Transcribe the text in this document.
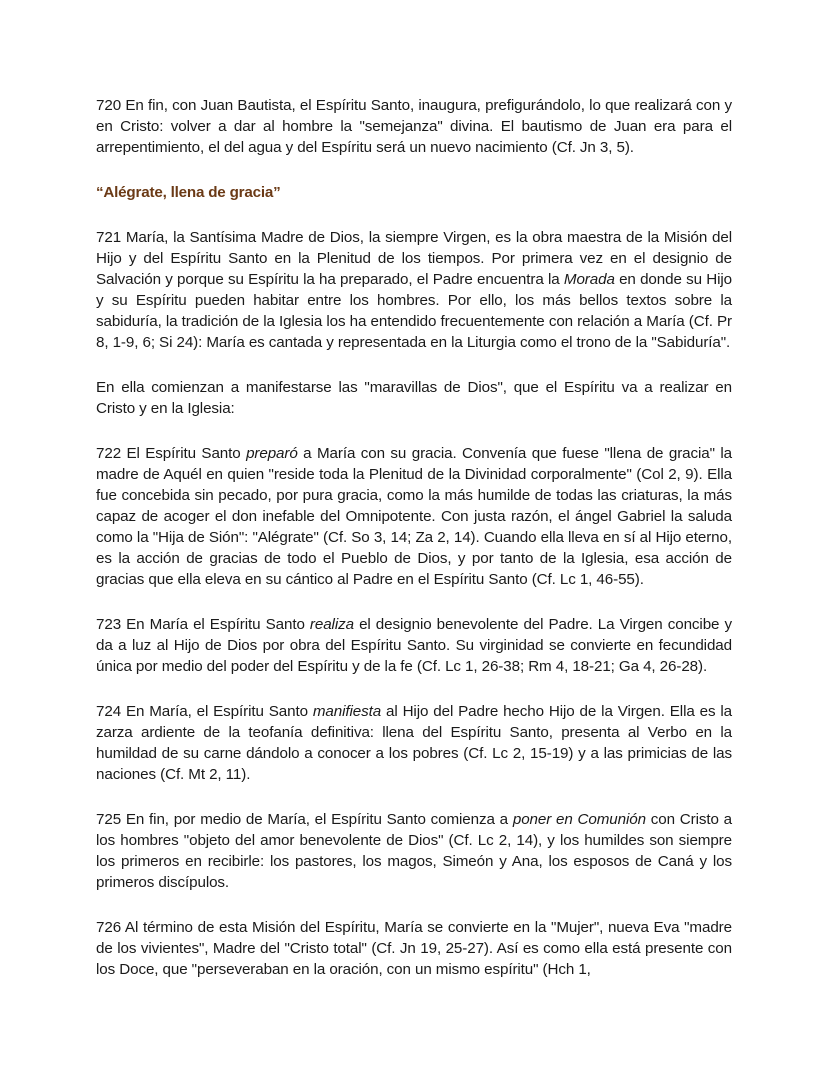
720 En fin, con Juan Bautista, el Espíritu Santo, inaugura, prefigurándolo, lo que realizará con y en Cristo: volver a dar al hombre la "semejanza" divina. El bautismo de Juan era para el arrepentimiento, el del agua y del Espíritu será un nuevo nacimiento (Cf. Jn 3, 5).

“Alégrate, llena de gracia”

721 María, la Santísima Madre de Dios, la siempre Virgen, es la obra maestra de la Misión del Hijo y del Espíritu Santo en la Plenitud de los tiempos. Por primera vez en el designio de Salvación y porque su Espíritu la ha preparado, el Padre encuentra la Morada en donde su Hijo y su Espíritu pueden habitar entre los hombres. Por ello, los más bellos textos sobre la sabiduría, la tradición de la Iglesia los ha entendido frecuentemente con relación a María (Cf. Pr 8, 1-9, 6; Si 24): María es cantada y representada en la Liturgia como el trono de la "Sabiduría".

En ella comienzan a manifestarse las "maravillas de Dios", que el Espíritu va a realizar en Cristo y en la Iglesia:

722 El Espíritu Santo preparó a María con su gracia. Convenía que fuese "llena de gracia" la madre de Aquél en quien "reside toda la Plenitud de la Divinidad corporalmente" (Col 2, 9). Ella fue concebida sin pecado, por pura gracia, como la más humilde de todas las criaturas, la más capaz de acoger el don inefable del Omnipotente. Con justa razón, el ángel Gabriel la saluda como la "Hija de Sión": "Alégrate" (Cf. So 3, 14; Za 2, 14). Cuando ella lleva en sí al Hijo eterno, es la acción de gracias de todo el Pueblo de Dios, y por tanto de la Iglesia, esa acción de gracias que ella eleva en su cántico al Padre en el Espíritu Santo (Cf. Lc 1, 46-55).

723 En María el Espíritu Santo realiza el designio benevolente del Padre. La Virgen concibe y da a luz al Hijo de Dios por obra del Espíritu Santo. Su virginidad se convierte en fecundidad única por medio del poder del Espíritu y de la fe (Cf. Lc 1, 26-38; Rm 4, 18-21; Ga 4, 26-28).

724 En María, el Espíritu Santo manifiesta al Hijo del Padre hecho Hijo de la Virgen. Ella es la zarza ardiente de la teofanía definitiva: llena del Espíritu Santo, presenta al Verbo en la humildad de su carne dándolo a conocer a los pobres (Cf. Lc 2, 15-19) y a las primicias de las naciones (Cf. Mt 2, 11).

725 En fin, por medio de María, el Espíritu Santo comienza a poner en Comunión con Cristo a los hombres "objeto del amor benevolente de Dios" (Cf. Lc 2, 14), y los humildes son siempre los primeros en recibirle: los pastores, los magos, Simeón y Ana, los esposos de Caná y los primeros discípulos.

726 Al término de esta Misión del Espíritu, María se convierte en la "Mujer", nueva Eva "madre de los vivientes", Madre del "Cristo total" (Cf. Jn 19, 25-27). Así es como ella está presente con los Doce, que "perseveraban en la oración, con un mismo espíritu" (Hch 1,
